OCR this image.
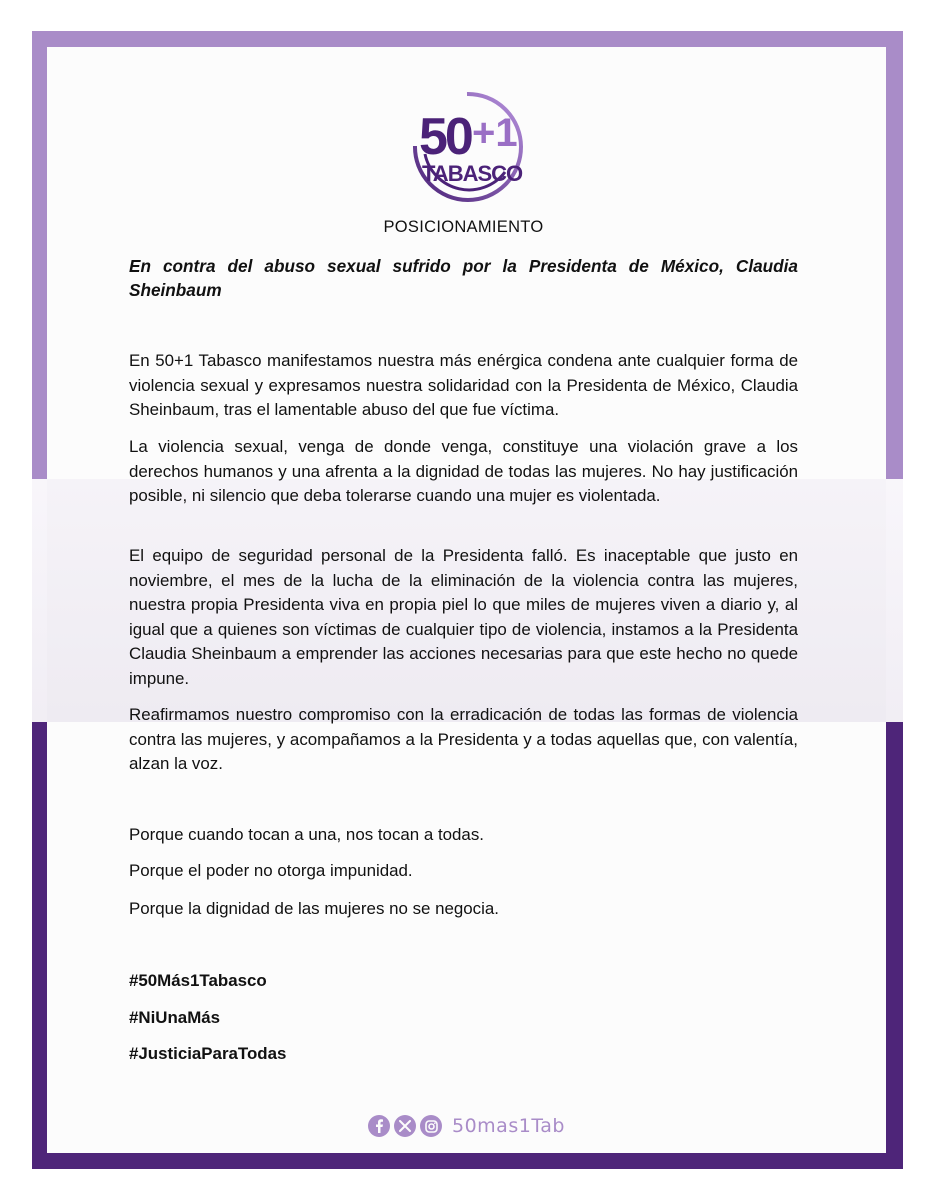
50 +1
TABASCO
POSICIONAMIENTO

En contra del abuso sexual sufrido por la Presidenta de México, Claudia Sheinbaum

En 50+1 Tabasco manifestamos nuestra más enérgica condena ante cualquier forma de violencia sexual y expresamos nuestra solidaridad con la Presidenta de México, Claudia Sheinbaum, tras el lamentable abuso del que fue víctima.

La violencia sexual, venga de donde venga, constituye una violación grave a los derechos humanos y una afrenta a la dignidad de todas las mujeres. No hay justificación posible, ni silencio que deba tolerarse cuando una mujer es violentada.

El equipo de seguridad personal de la Presidenta falló. Es inaceptable que justo en noviembre, el mes de la lucha de la eliminación de la violencia contra las mujeres, nuestra propia Presidenta viva en propia piel lo que miles de mujeres viven a diario y, al igual que a quienes son víctimas de cualquier tipo de violencia, instamos a la Presidenta Claudia Sheinbaum a emprender las acciones necesarias para que este hecho no quede impune.

Reafirmamos nuestro compromiso con la erradicación de todas las formas de violencia contra las mujeres, y acompañamos a la Presidenta y a todas aquellas que, con valentía, alzan la voz.

Porque cuando tocan a una, nos tocan a todas.

Porque el poder no otorga impunidad.

Porque la dignidad de las mujeres no se negocia.

#50Más1Tabasco

#NiUnaMás

#JusticiaParaTodas

50mas1Tab
